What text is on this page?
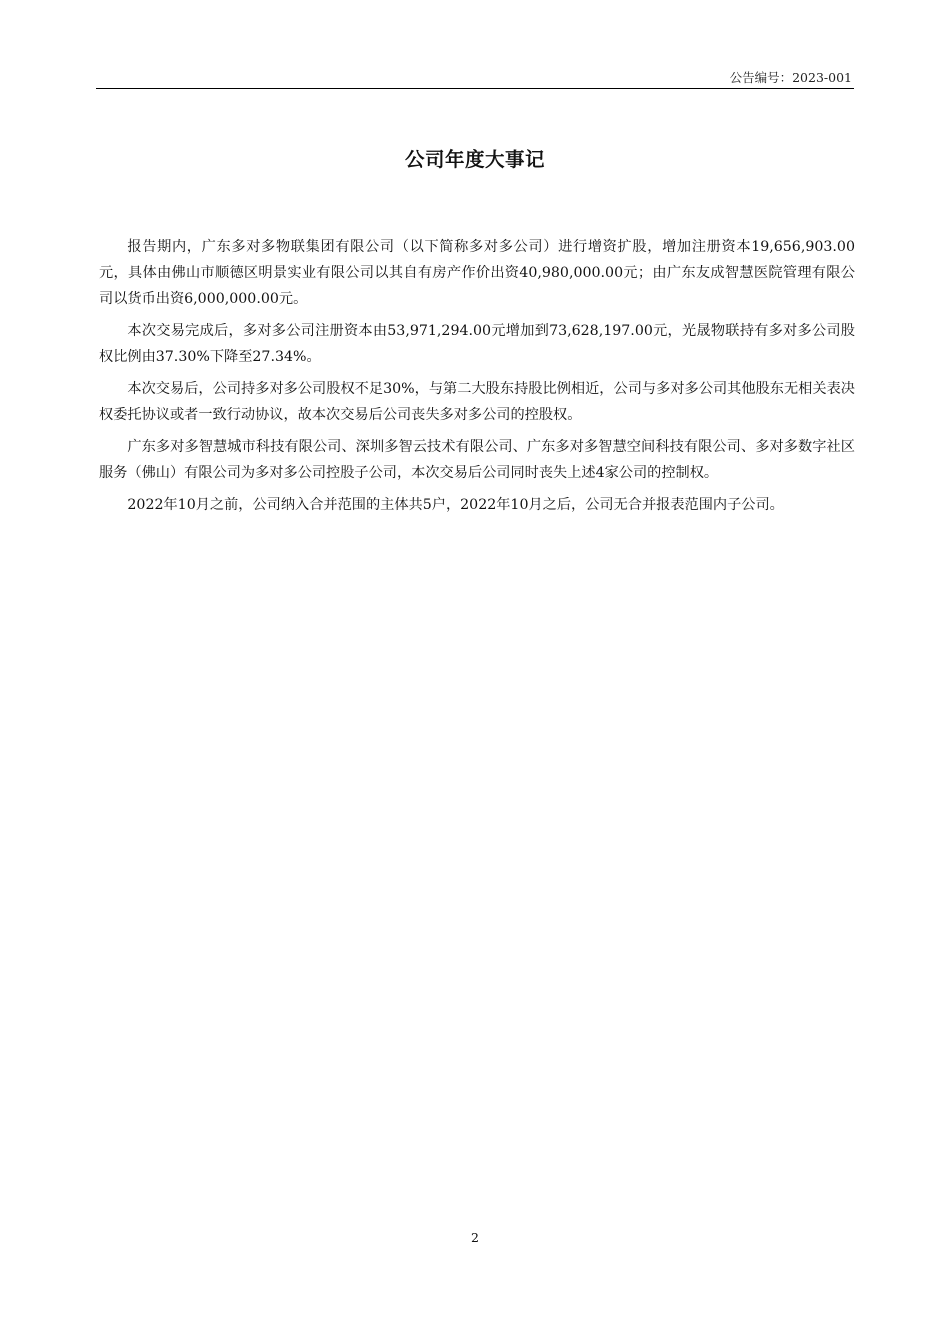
公告编号：2023-001
公司年度大事记

报告期内，广东多对多物联集团有限公司（以下简称多对多公司）进行增资扩股，增加注册资本19,656,903.00元，具体由佛山市顺德区明景实业有限公司以其自有房产作价出资40,980,000.00元；由广东友成智慧医院管理有限公司以货币出资6,000,000.00元。

本次交易完成后，多对多公司注册资本由53,971,294.00元增加到73,628,197.00元，光晟物联持有多对多公司股权比例由37.30%下降至27.34%。

本次交易后，公司持多对多公司股权不足30%，与第二大股东持股比例相近，公司与多对多公司其他股东无相关表决权委托协议或者一致行动协议，故本次交易后公司丧失多对多公司的控股权。

广东多对多智慧城市科技有限公司、深圳多智云技术有限公司、广东多对多智慧空间科技有限公司、多对多数字社区服务（佛山）有限公司为多对多公司控股子公司，本次交易后公司同时丧失上述4家公司的控制权。

2022年10月之前，公司纳入合并范围的主体共5户，2022年10月之后，公司无合并报表范围内子公司。

2
